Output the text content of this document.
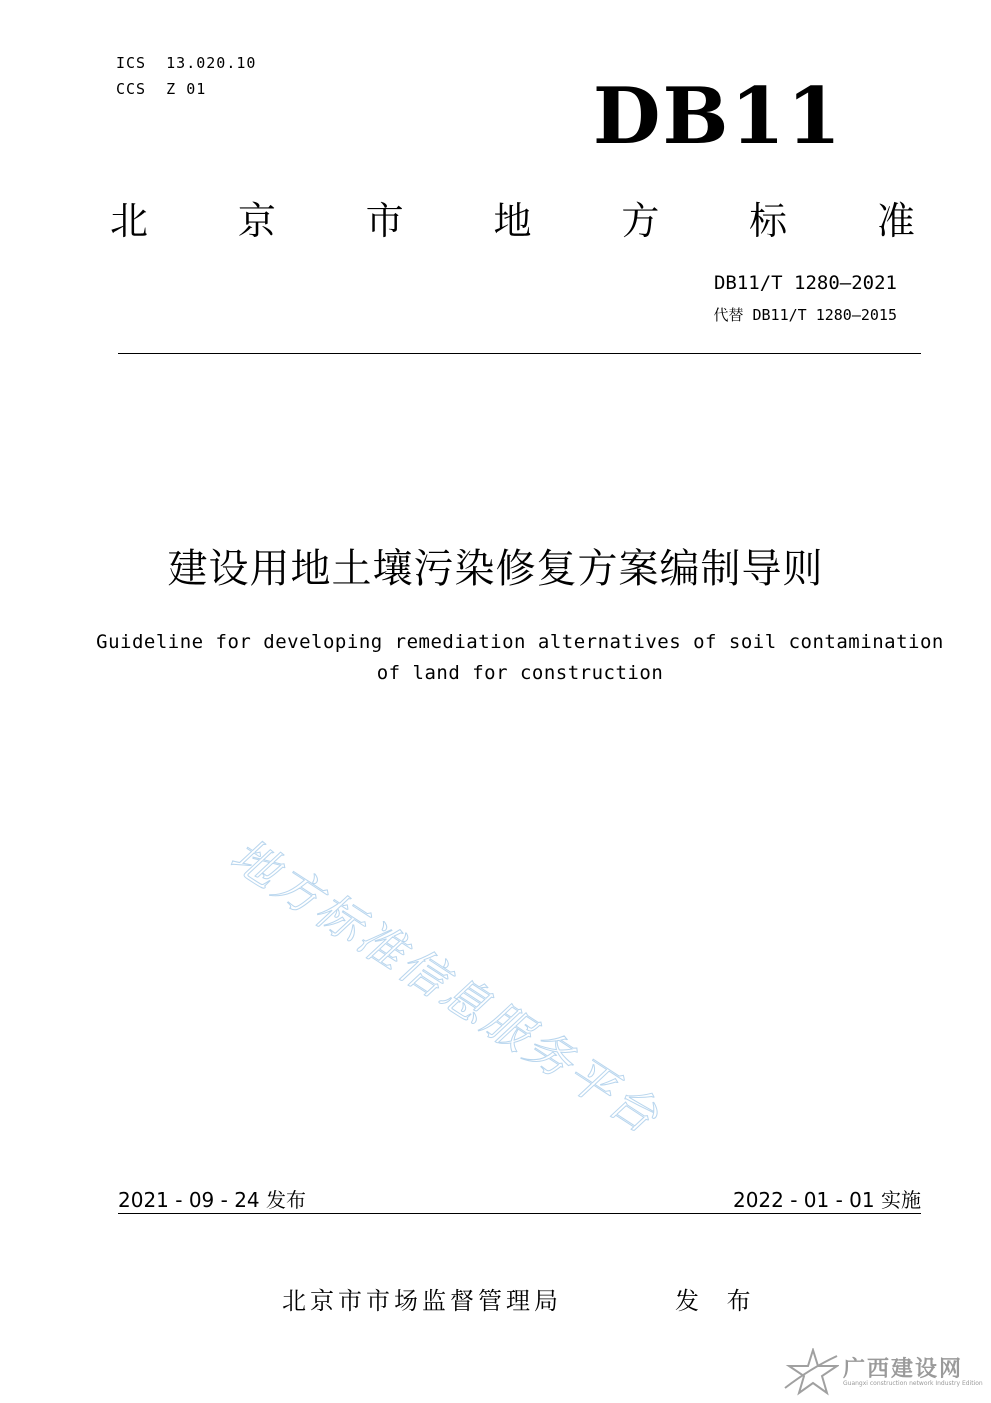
ICS  13.020.10
CCS  Z 01	DB11
北 京 市 地 方 标 准
DB11/T 1280—2021
代替 DB11/T 1280—2015
建设用地土壤污染修复方案编制导则
Guideline for developing remediation alternatives of soil contamination
of land for construction
地方标准信息服务平台
2021 - 09 - 24 发布	2022 - 01 - 01 实施
北京市市场监督管理局	发 布
广西建设网
Guangxi construction network Industry Edition
